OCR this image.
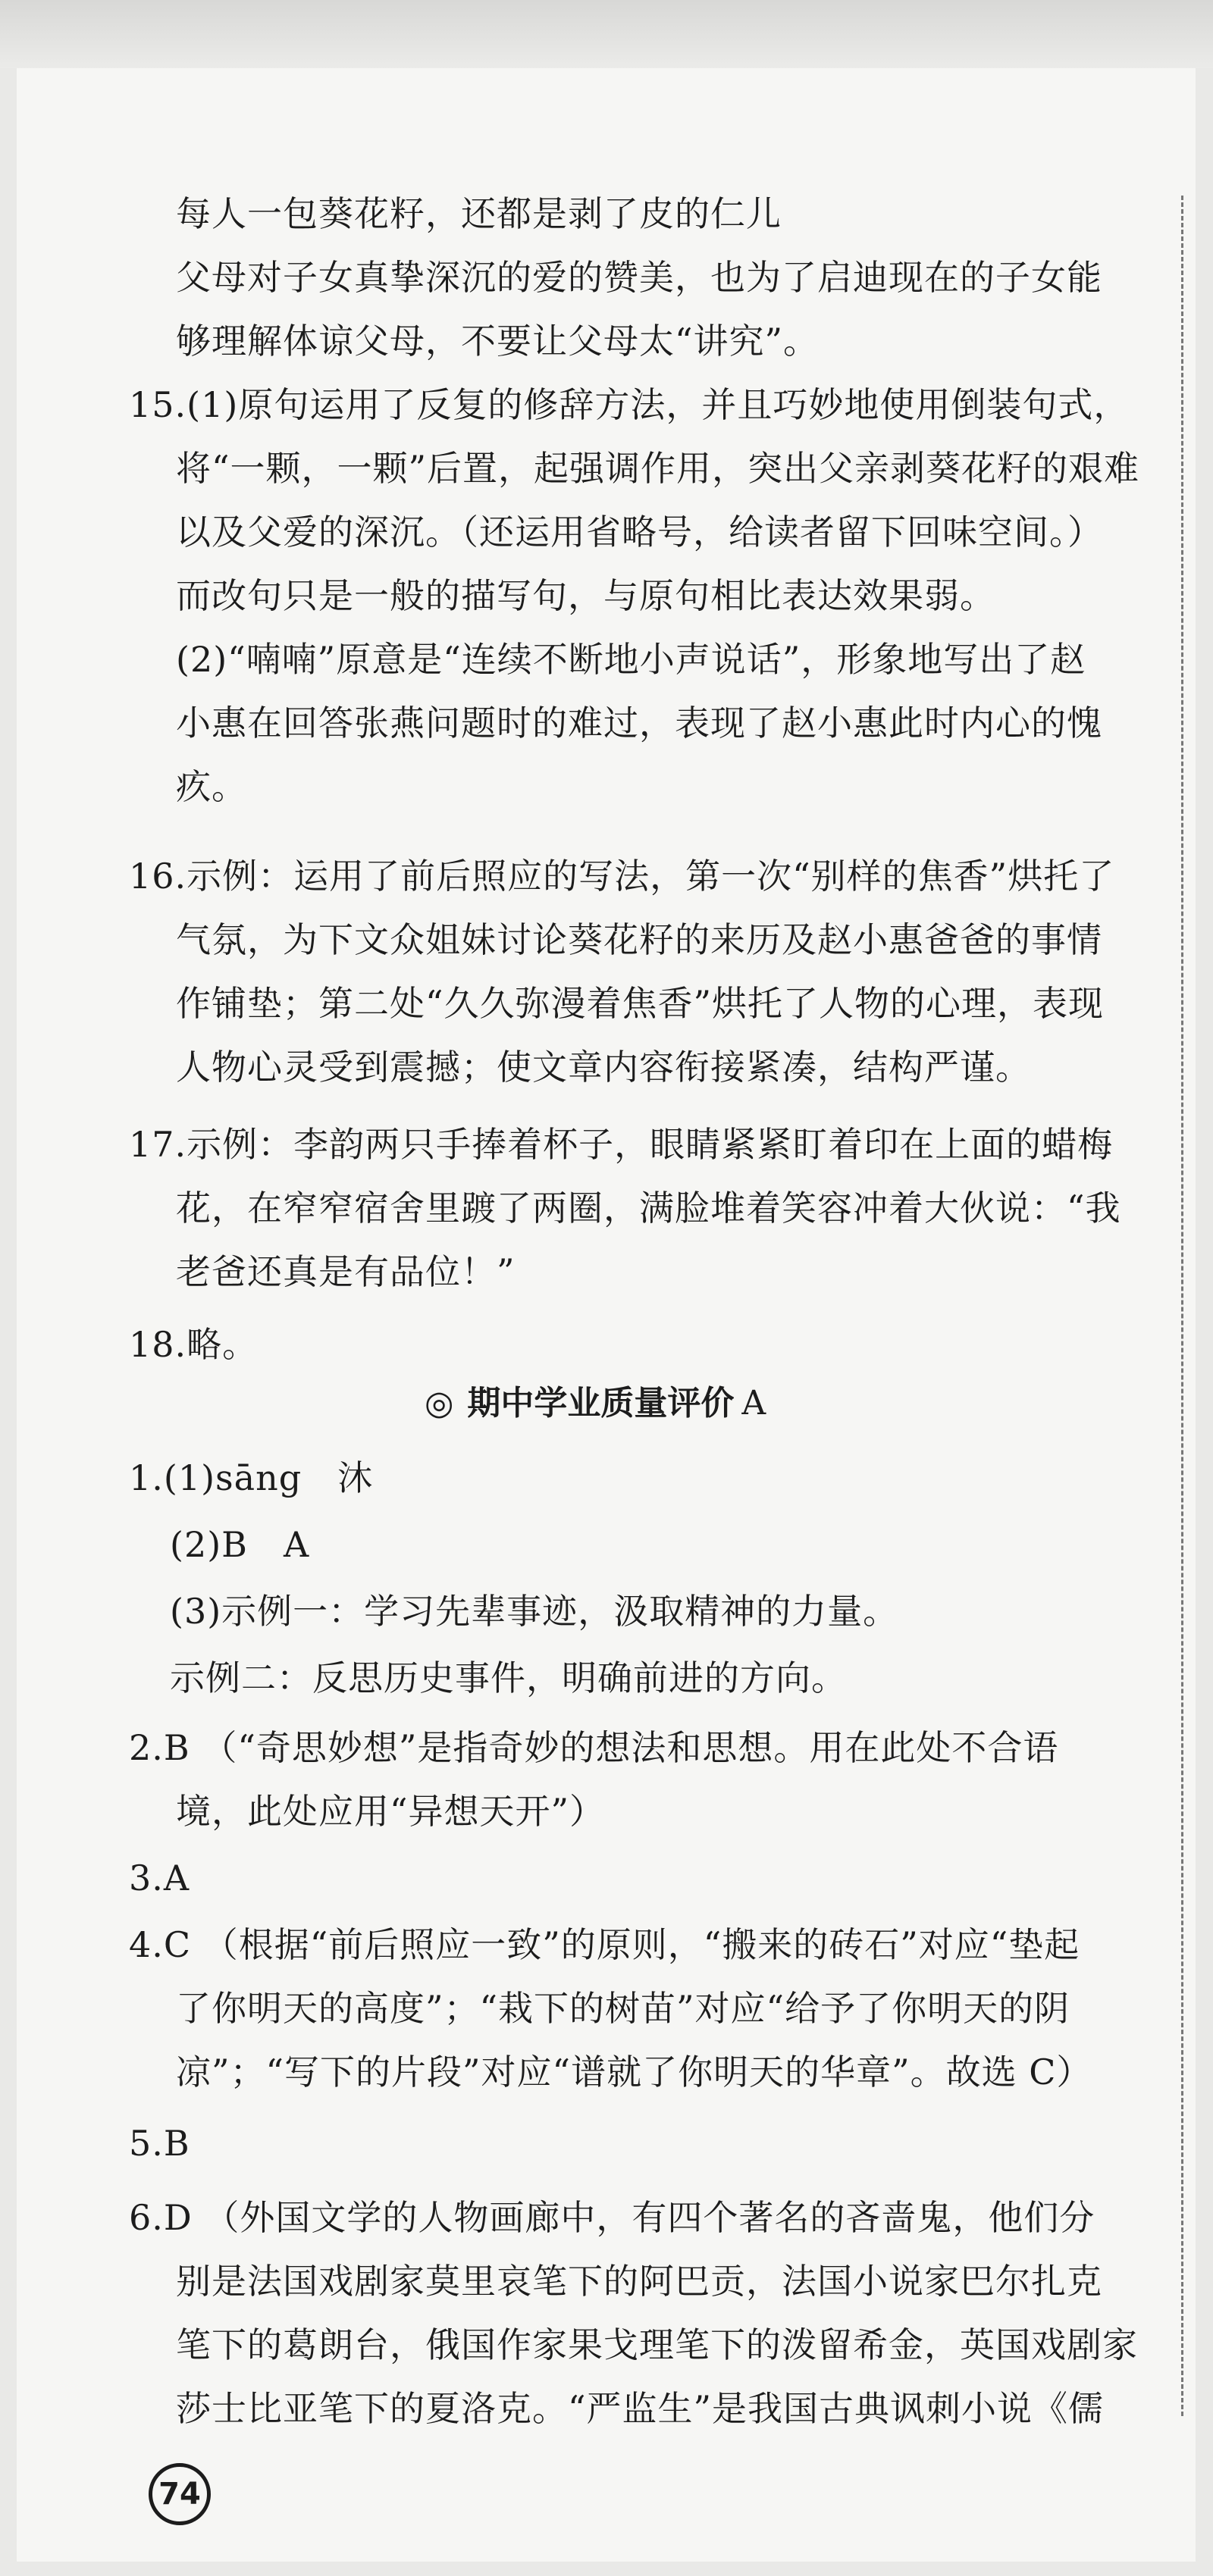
每人一包葵花籽，还都是剥了皮的仁儿
父母对子女真挚深沉的爱的赞美，也为了启迪现在的子女能
够理解体谅父母，不要让父母太“讲究”。
15.(1)原句运用了反复的修辞方法，并且巧妙地使用倒装句式，
将“一颗，一颗”后置，起强调作用，突出父亲剥葵花籽的艰难
以及父爱的深沉。（还运用省略号，给读者留下回味空间。）
而改句只是一般的描写句，与原句相比表达效果弱。
(2)“喃喃”原意是“连续不断地小声说话”，形象地写出了赵
小惠在回答张燕问题时的难过，表现了赵小惠此时内心的愧
疚。
16.示例：运用了前后照应的写法，第一次“别样的焦香”烘托了
气氛，为下文众姐妹讨论葵花籽的来历及赵小惠爸爸的事情
作铺垫；第二处“久久弥漫着焦香”烘托了人物的心理，表现
人物心灵受到震撼；使文章内容衔接紧凑，结构严谨。
17.示例：李韵两只手捧着杯子，眼睛紧紧盯着印在上面的蜡梅
花，在窄窄宿舍里踱了两圈，满脸堆着笑容冲着大伙说：“我
老爸还真是有品位！”
18.略。
◎ 期中学业质量评价 A
1.(1)sāng　沐
(2)B　A
(3)示例一：学习先辈事迹，汲取精神的力量。
示例二：反思历史事件，明确前进的方向。
2.B （“奇思妙想”是指奇妙的想法和思想。用在此处不合语
境，此处应用“异想天开”）
3.A
4.C （根据“前后照应一致”的原则，“搬来的砖石”对应“垫起
了你明天的高度”；“栽下的树苗”对应“给予了你明天的阴
凉”；“写下的片段”对应“谱就了你明天的华章”。故选 C）
5.B
6.D （外国文学的人物画廊中，有四个著名的吝啬鬼，他们分
别是法国戏剧家莫里哀笔下的阿巴贡，法国小说家巴尔扎克
笔下的葛朗台，俄国作家果戈理笔下的泼留希金，英国戏剧家
莎士比亚笔下的夏洛克。“严监生”是我国古典讽刺小说《儒
74
